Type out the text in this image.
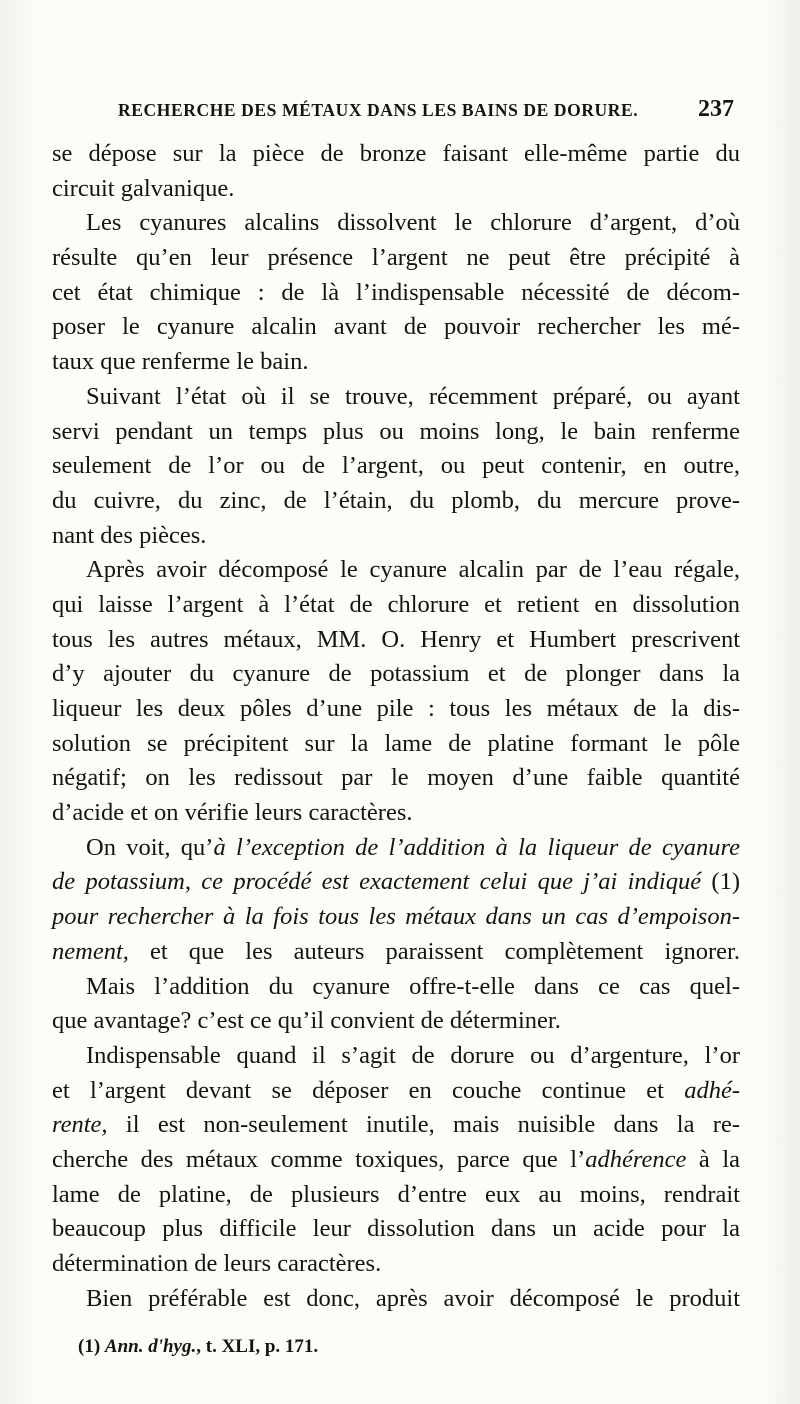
RECHERCHE DES MÉTAUX DANS LES BAINS DE DORURE. 237
se dépose sur la pièce de bronze faisant elle-même partie du
circuit galvanique.
Les cyanures alcalins dissolvent le chlorure d’argent, d’où
résulte qu’en leur présence l’argent ne peut être précipité à
cet état chimique : de là l’indispensable nécessité de décom-
poser le cyanure alcalin avant de pouvoir rechercher les mé-
taux que renferme le bain.
Suivant l’état où il se trouve, récemment préparé, ou ayant
servi pendant un temps plus ou moins long, le bain renferme
seulement de l’or ou de l’argent, ou peut contenir, en outre,
du cuivre, du zinc, de l’étain, du plomb, du mercure prove-
nant des pièces.
Après avoir décomposé le cyanure alcalin par de l’eau régale,
qui laisse l’argent à l’état de chlorure et retient en dissolution
tous les autres métaux, MM. O. Henry et Humbert prescrivent
d’y ajouter du cyanure de potassium et de plonger dans la
liqueur les deux pôles d’une pile : tous les métaux de la dis-
solution se précipitent sur la lame de platine formant le pôle
négatif; on les redissout par le moyen d’une faible quantité
d’acide et on vérifie leurs caractères.
On voit, qu’à l’exception de l’addition à la liqueur de cyanure
de potassium, ce procédé est exactement celui que j’ai indiqué (1)
pour rechercher à la fois tous les métaux dans un cas d’empoison-
nement, et que les auteurs paraissent complètement ignorer.
Mais l’addition du cyanure offre-t-elle dans ce cas quel-
que avantage? c’est ce qu’il convient de déterminer.
Indispensable quand il s’agit de dorure ou d’argenture, l’or
et l’argent devant se déposer en couche continue et adhé-
rente, il est non-seulement inutile, mais nuisible dans la re-
cherche des métaux comme toxiques, parce que l’adhérence à la
lame de platine, de plusieurs d’entre eux au moins, rendrait
beaucoup plus difficile leur dissolution dans un acide pour la
détermination de leurs caractères.
Bien préférable est donc, après avoir décomposé le produit
(1) Ann. d'hyg., t. XLI, p. 171.
